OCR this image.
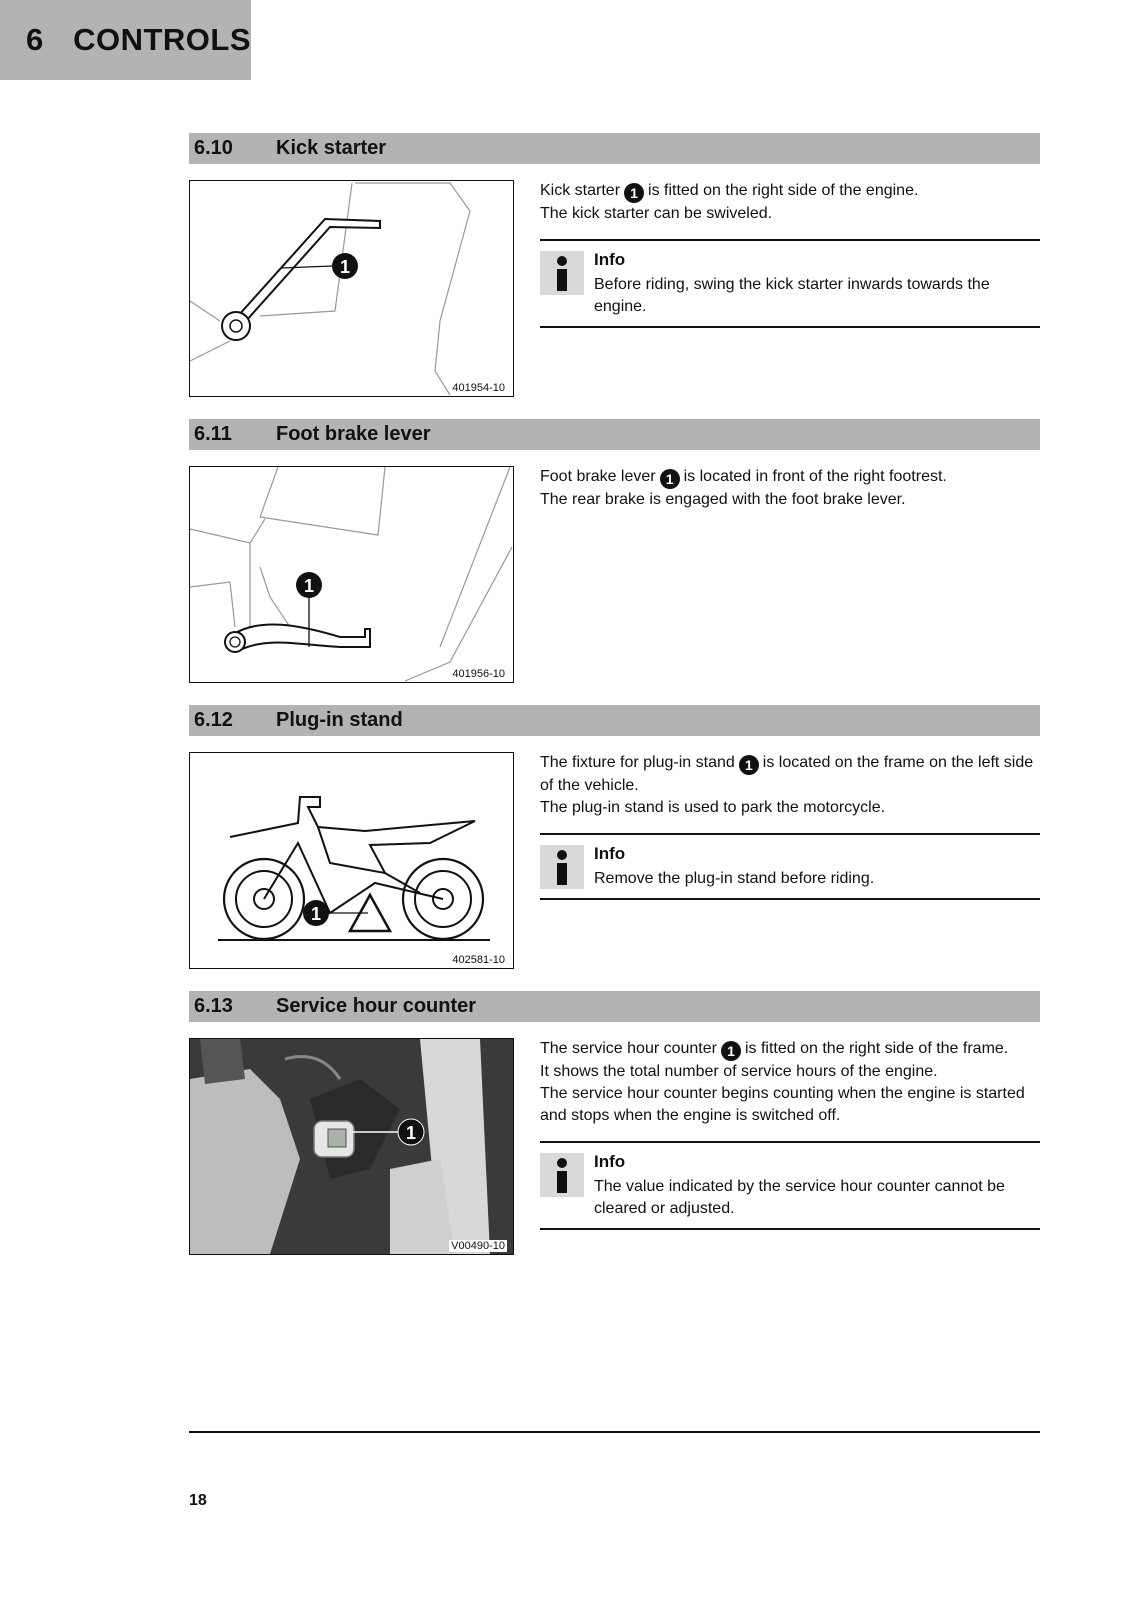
6 CONTROLS
6.10	Kick starter
1
401954-10

Kick starter 1 is fitted on the right side of the engine.

The kick starter can be swiveled.

Info
Before riding, swing the kick starter inwards towards the engine.
6.11	Foot brake lever
1
401956-10

Foot brake lever 1 is located in front of the right footrest.

The rear brake is engaged with the foot brake lever.

6.12	Plug-in stand
1
402581-10

The fixture for plug-in stand 1 is located on the frame on the left side of the vehicle.

The plug-in stand is used to park the motorcycle.

Info
Remove the plug-in stand before riding.
6.13	Service hour counter
1
V00490-10

The service hour counter 1 is fitted on the right side of the frame.

It shows the total number of service hours of the engine.

The service hour counter begins counting when the engine is started and stops when the engine is switched off.

Info
The value indicated by the service hour counter cannot be cleared or adjusted.
18
